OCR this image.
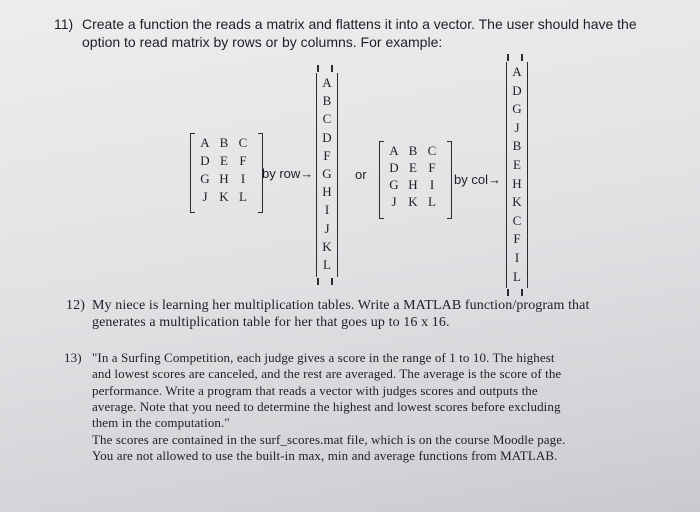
11) Create a function the reads a matrix and flattens it into a vector. The user should have the
option to read matrix by rows or by columns. For example:
A B C
D E F
G H I
J K L
by row→
A
B
C
D
F
G
H
I
J
K
L
or
A B C
D E F
G H I
J K L
by col→
A
D
G
J
B
E
H
K
C
F
I
L
12) My niece is learning her multiplication tables. Write a MATLAB function/program that
generates a multiplication table for her that goes up to 16 x 16.
13) "In a Surfing Competition, each judge gives a score in the range of 1 to 10. The highest
and lowest scores are canceled, and the rest are averaged. The average is the score of the
performance. Write a program that reads a vector with judges scores and outputs the
average. Note that you need to determine the highest and lowest scores before excluding
them in the computation."
The scores are contained in the surf_scores.mat file, which is on the course Moodle page.
You are not allowed to use the built-in max, min and average functions from MATLAB.
